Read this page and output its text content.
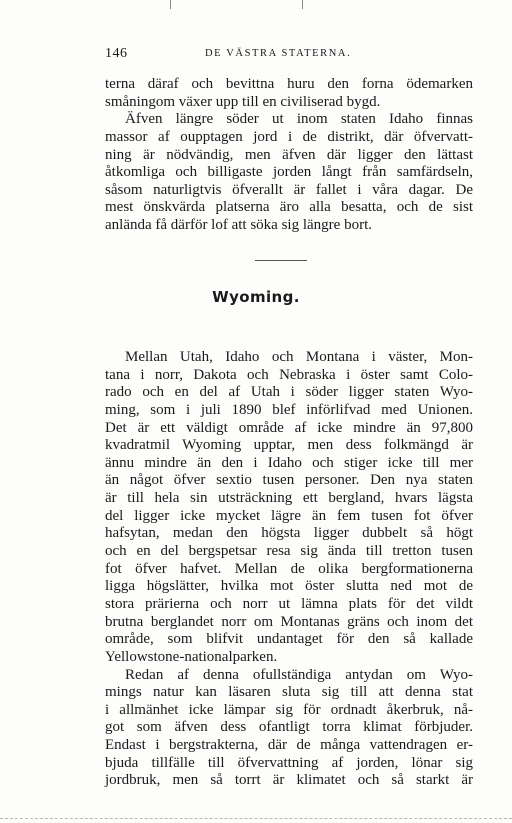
146	DE VÄSTRA STATERNA.
terna däraf och bevittna huru den forna ödemarken
småningom växer upp till en civiliserad bygd.
Äfven längre söder ut inom staten Idaho finnas
massor af oupptagen jord i de distrikt, där öfvervatt-
ning är nödvändig, men äfven där ligger den lättast
åtkomliga och billigaste jorden långt från samfärdseln,
såsom naturligtvis öfverallt är fallet i våra dagar. De
mest önskvärda platserna äro alla besatta, och de sist
anlända få därför lof att söka sig längre bort.
Wyoming.
Mellan Utah, Idaho och Montana i väster, Mon-
tana i norr, Dakota och Nebraska i öster samt Colo-
rado och en del af Utah i söder ligger staten Wyo-
ming, som i juli 1890 blef införlifvad med Unionen.
Det är ett väldigt område af icke mindre än 97,800
kvadratmil Wyoming upptar, men dess folkmängd är
ännu mindre än den i Idaho och stiger icke till mer
än något öfver sextio tusen personer. Den nya staten
är till hela sin utsträckning ett bergland, hvars lägsta
del ligger icke mycket lägre än fem tusen fot öfver
hafsytan, medan den högsta ligger dubbelt så högt
och en del bergspetsar resa sig ända till tretton tusen
fot öfver hafvet. Mellan de olika bergformationerna
ligga högslätter, hvilka mot öster slutta ned mot de
stora prärierna och norr ut lämna plats för det vildt
brutna berglandet norr om Montanas gräns och inom det
område, som blifvit undantaget för den så kallade
Yellowstone-nationalparken.
Redan af denna ofullständiga antydan om Wyo-
mings natur kan läsaren sluta sig till att denna stat
i allmänhet icke lämpar sig för ordnadt åkerbruk, nå-
got som äfven dess ofantligt torra klimat förbjuder.
Endast i bergstrakterna, där de många vattendragen er-
bjuda tillfälle till öfvervattning af jorden, lönar sig
jordbruk, men så torrt är klimatet och så starkt är
